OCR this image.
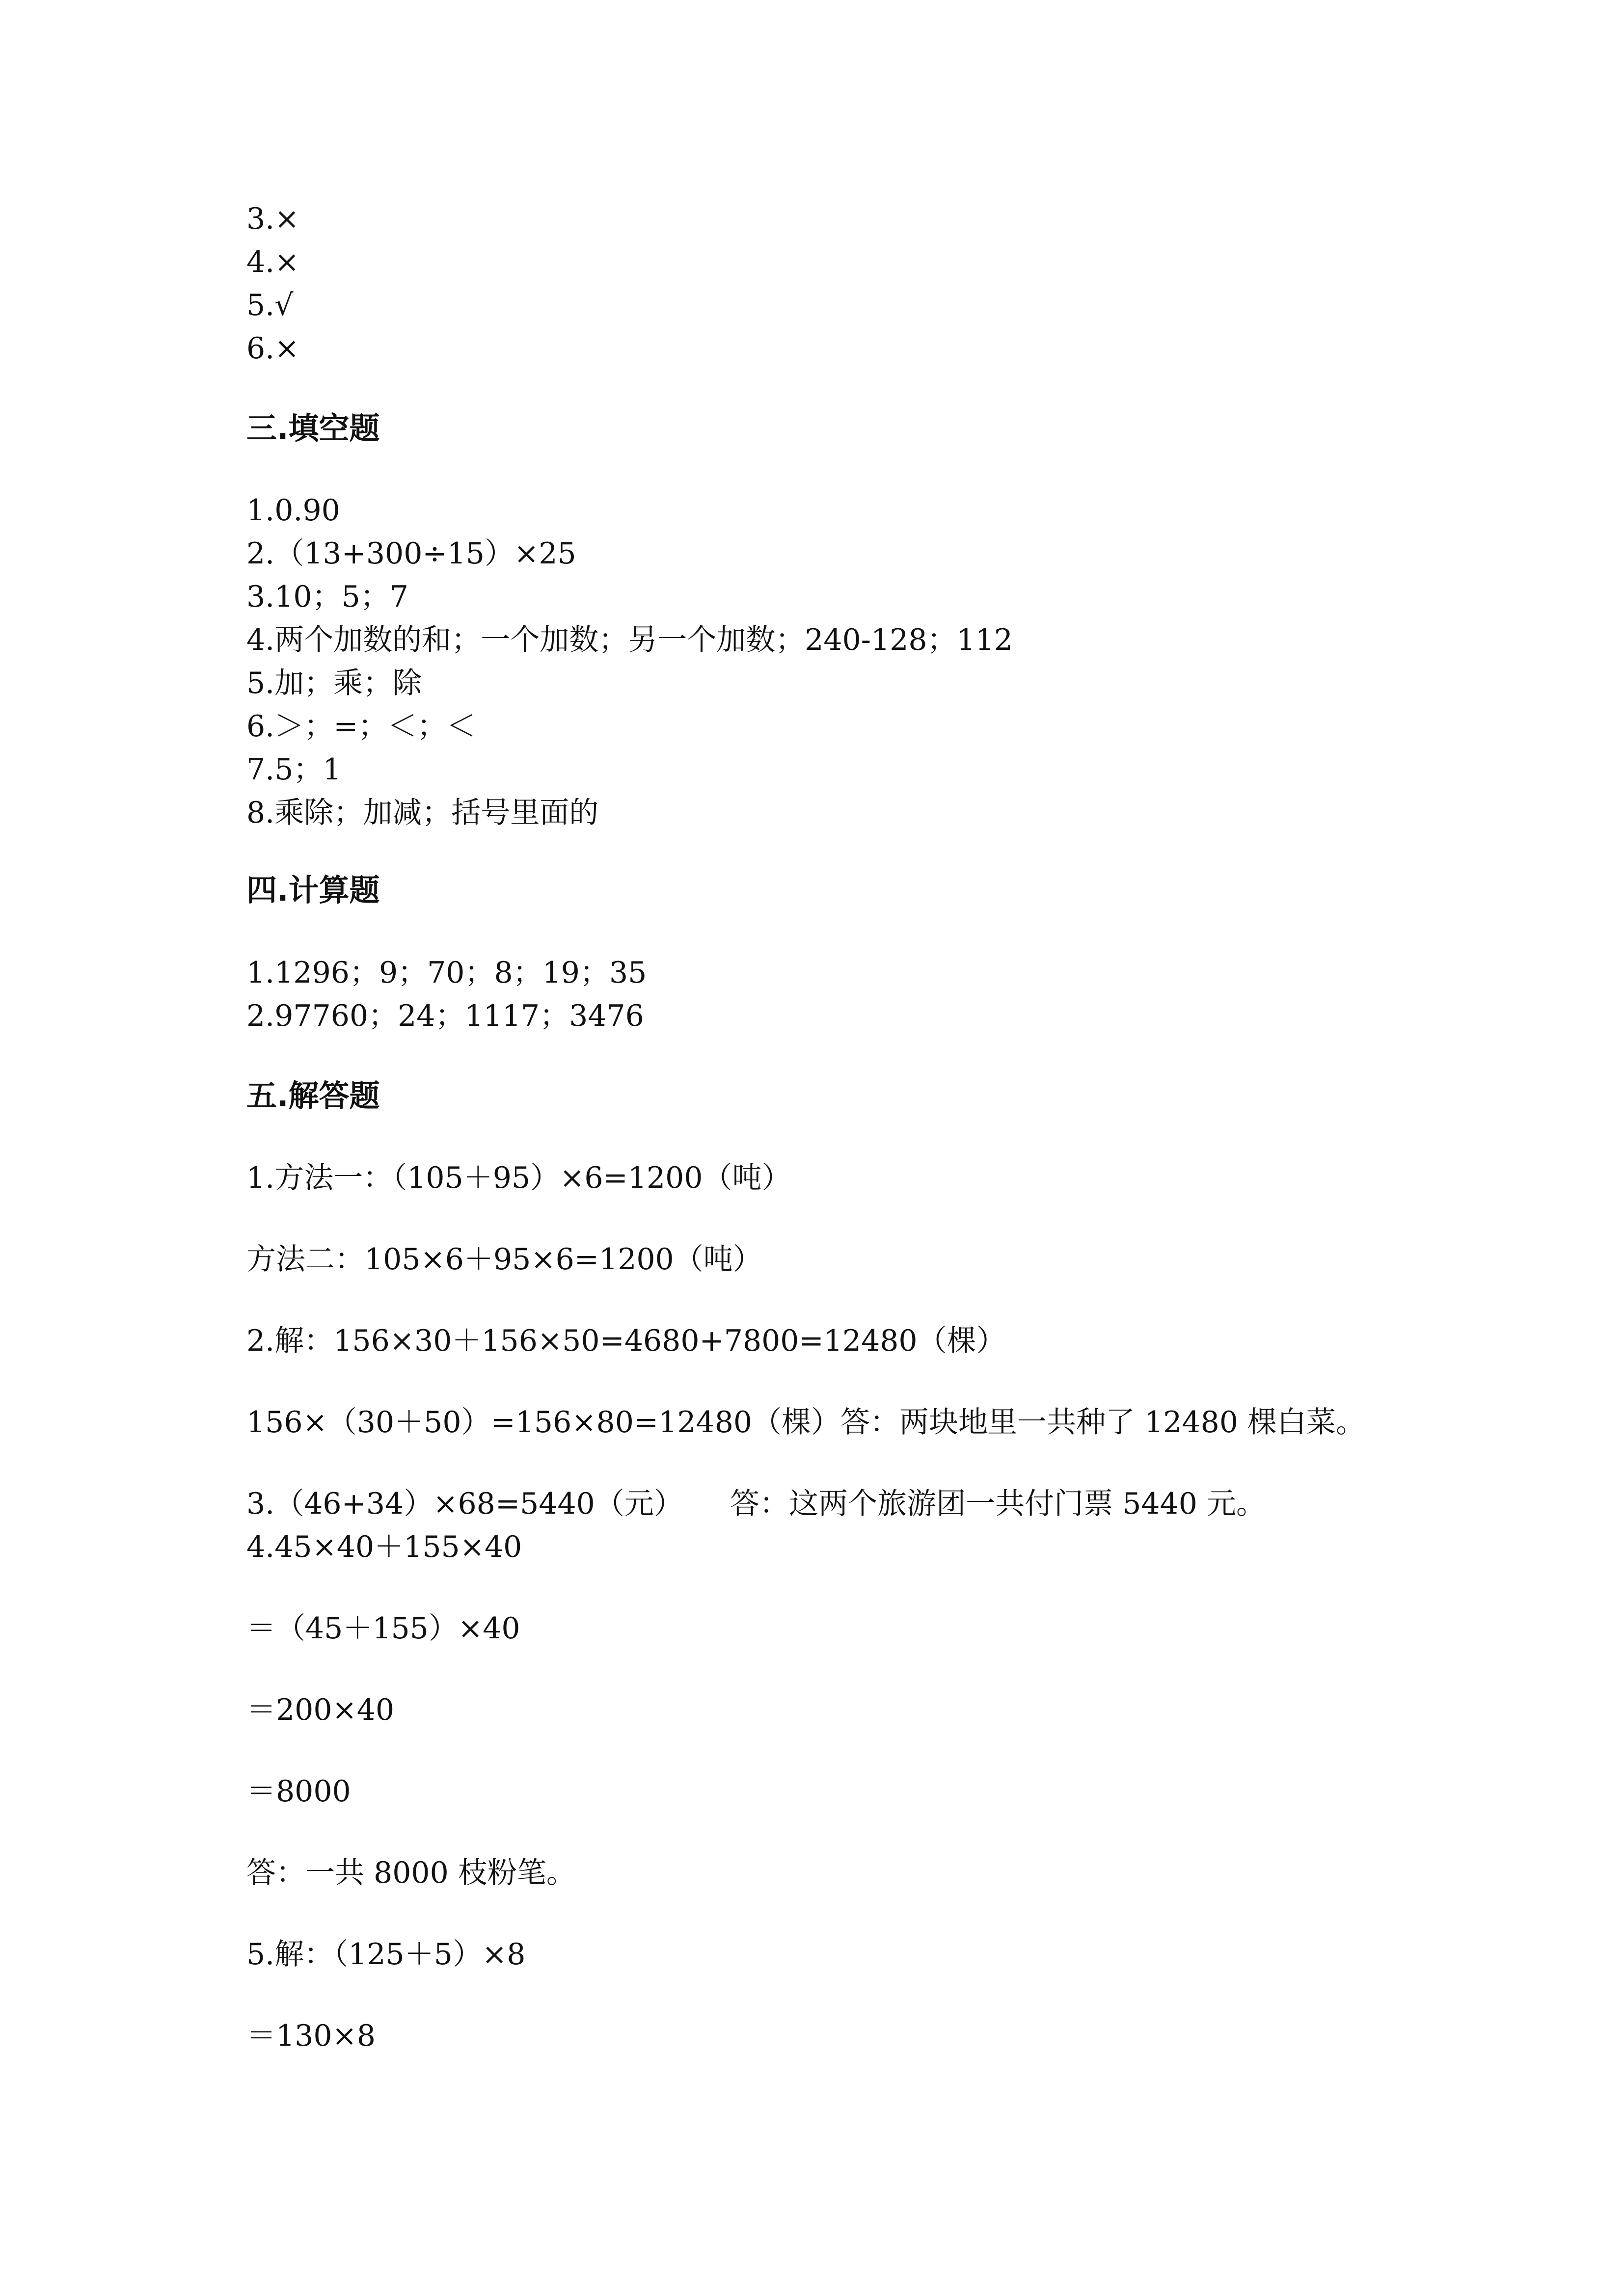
3.×
4.×
5.√
6.×
三.填空题
1.0.90
2.（13+300÷15）×25
3.10；5；7
4.两个加数的和；一个加数；另一个加数；240-128；112
5.加；乘；除
6.＞；=；＜；＜
7.5；1
8.乘除；加减；括号里面的
四.计算题
1.1296；9；70；8；19；35
2.97760；24；1117；3476
五.解答题
1.方法一：（105＋95）×6=1200（吨）
方法二：105×6＋95×6=1200（吨）
2.解：156×30＋156×50=4680+7800=12480（棵）
156×（30＋50）=156×80=12480（棵）答：两块地里一共种了 12480 棵白菜。
3.（46+34）×68=5440（元）     答：这两个旅游团一共付门票 5440 元。
4.45×40＋155×40
＝（45＋155）×40
＝200×40
＝8000
答：一共 8000 枝粉笔。
5.解：（125＋5）×8
＝130×8
